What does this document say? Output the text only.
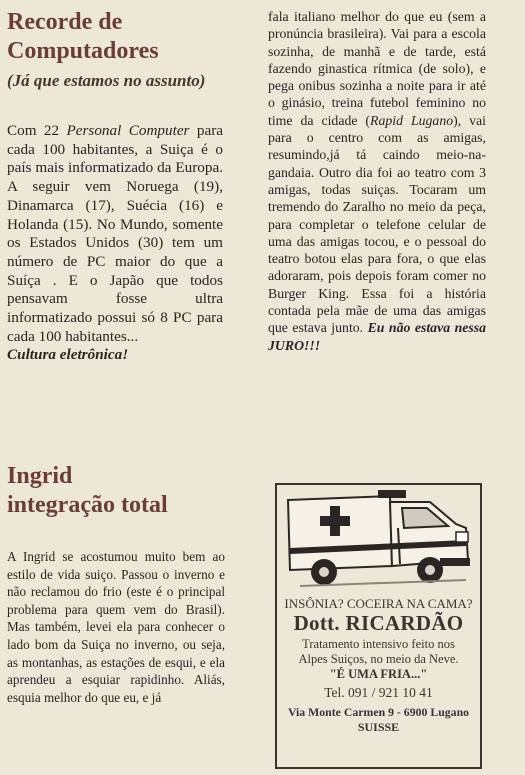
Recorde de
Computadores

(Já que estamos no assunto)

Com 22 Personal Computer para cada 100 habitantes, a Suiça é o país mais informatizado da Europa. A seguir vem Noruega (19), Dinamarca (17), Suécia (16) e Holanda (15). No Mundo, somente os Estados Unidos (30) tem um número de PC maior do que a Suíça . E o Japão que todos pensavam fosse ultra informatizado possui só 8 PC para cada 100 habitantes...
Cultura eletrônica!

fala italiano melhor do que eu (sem a pronúncia brasileira). Vai para a escola sozinha, de manhã e de tarde, está fazendo ginastica rítmica (de solo), e pega onibus sozinha a noite para ir até o ginásio, treina futebol feminino no time da cidade (Rapid Lugano), vai para o centro com as amigas, resumindo,já tá caindo meio-na-gandaia. Outro dia foi ao teatro com 3 amigas, todas suiças. Tocaram um tremendo do Zaralho no meio da peça, para completar o telefone celular de uma das amigas tocou, e o pessoal do teatro botou elas para fora, o que elas adoraram, pois depois foram comer no Burger King. Essa foi a história contada pela mãe de uma das amigas que estava junto. Eu não estava nessa JURO!!!

Ingrid
integração total

A Ingrid se acostumou muito bem ao estilo de vida suiço. Passou o inverno e não reclamou do frio (este é o principal problema para quem vem do Brasil). Mas também, levei ela para conhecer o lado bom da Suiça no inverno, ou seja, as montanhas, as estações de esqui, e ela aprendeu a esquiar rapidinho. Aliás, esquia melhor do que eu, e já

INSÔNIA? COCEIRA NA CAMA?
Dott. RICARDÃO
Tratamento intensivo feito nos
Alpes Suiços, no meio da Neve.
"É UMA FRIA..."
Tel. 091 / 921 10 41
Via Monte Carmen 9 - 6900 Lugano
SUISSE
